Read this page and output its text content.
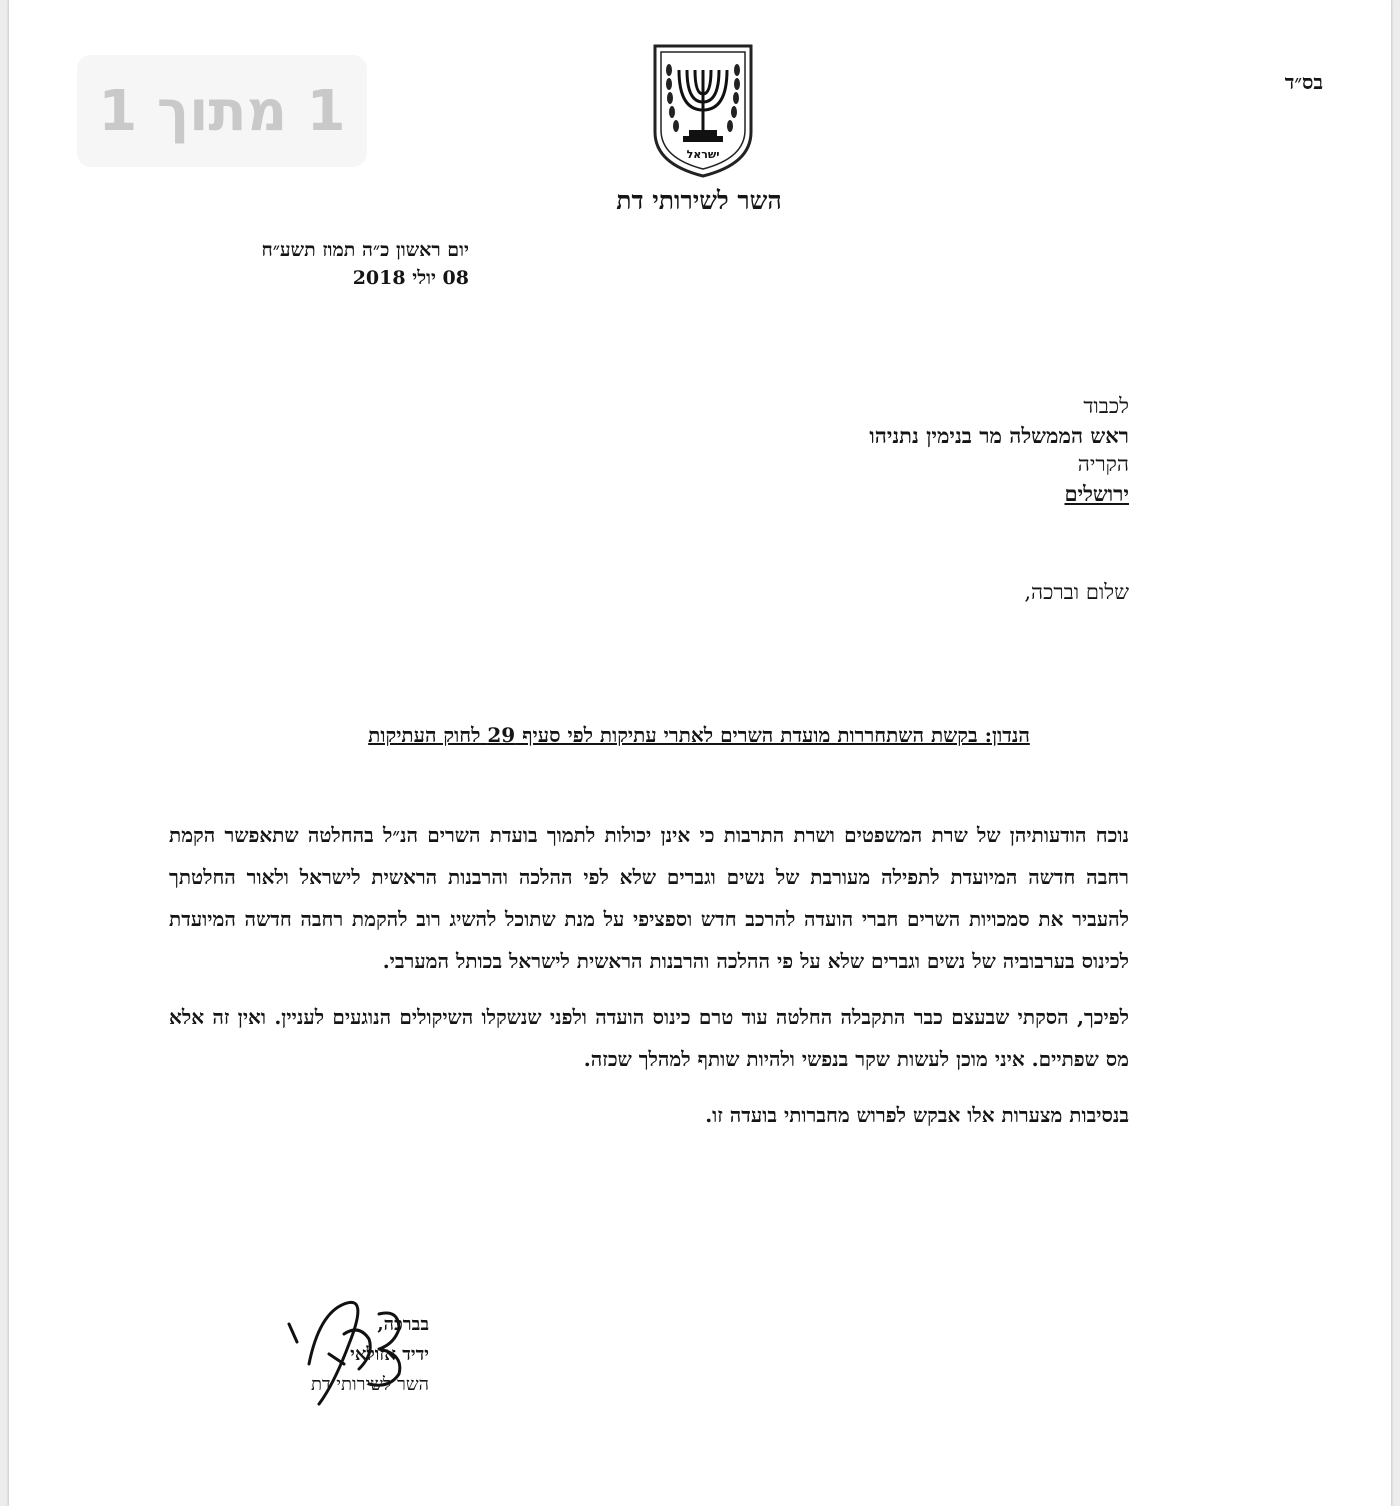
1 מתוך 1	בס״ד
ישראל
השר לשירותי דת
יום ראשון כ״ה תמוז תשע״ח
08 יולי 2018
לכבוד
ראש הממשלה מר בנימין נתניהו
הקריה
ירושלים
שלום וברכה,
הנדון: בקשת השתחררות מועדת השרים לאתרי עתיקות לפי סעיף 29 לחוק העתיקות

נוכח הודעותיהן של שרת המשפטים ושרת התרבות כי אינן יכולות לתמוך בועדת השרים הנ״ל בהחלטה שתאפשר הקמת רחבה חדשה המיועדת לתפילה מעורבת של נשים וגברים שלא לפי ההלכה והרבנות הראשית לישראל ולאור החלטתך להעביר את סמכויות השרים חברי הועדה להרכב חדש וספציפי על מנת שתוכל להשיג רוב להקמת רחבה חדשה המיועדת לכינוס בערבוביה של נשים וגברים שלא על פי ההלכה והרבנות הראשית לישראל בכותל המערבי.

לפיכך, הסקתי שבעצם כבר התקבלה החלטה עוד טרם כינוס הועדה ולפני שנשקלו השיקולים הנוגעים לעניין. ואין זה אלא מס שפתיים. איני מוכן לעשות שקר בנפשי ולהיות שותף למהלך שכזה.

בנסיבות מצערות אלו אבקש לפרוש מחברותי בועדה זו.

בברכה,
ידיד אזולאי
השר לשירותי דת
